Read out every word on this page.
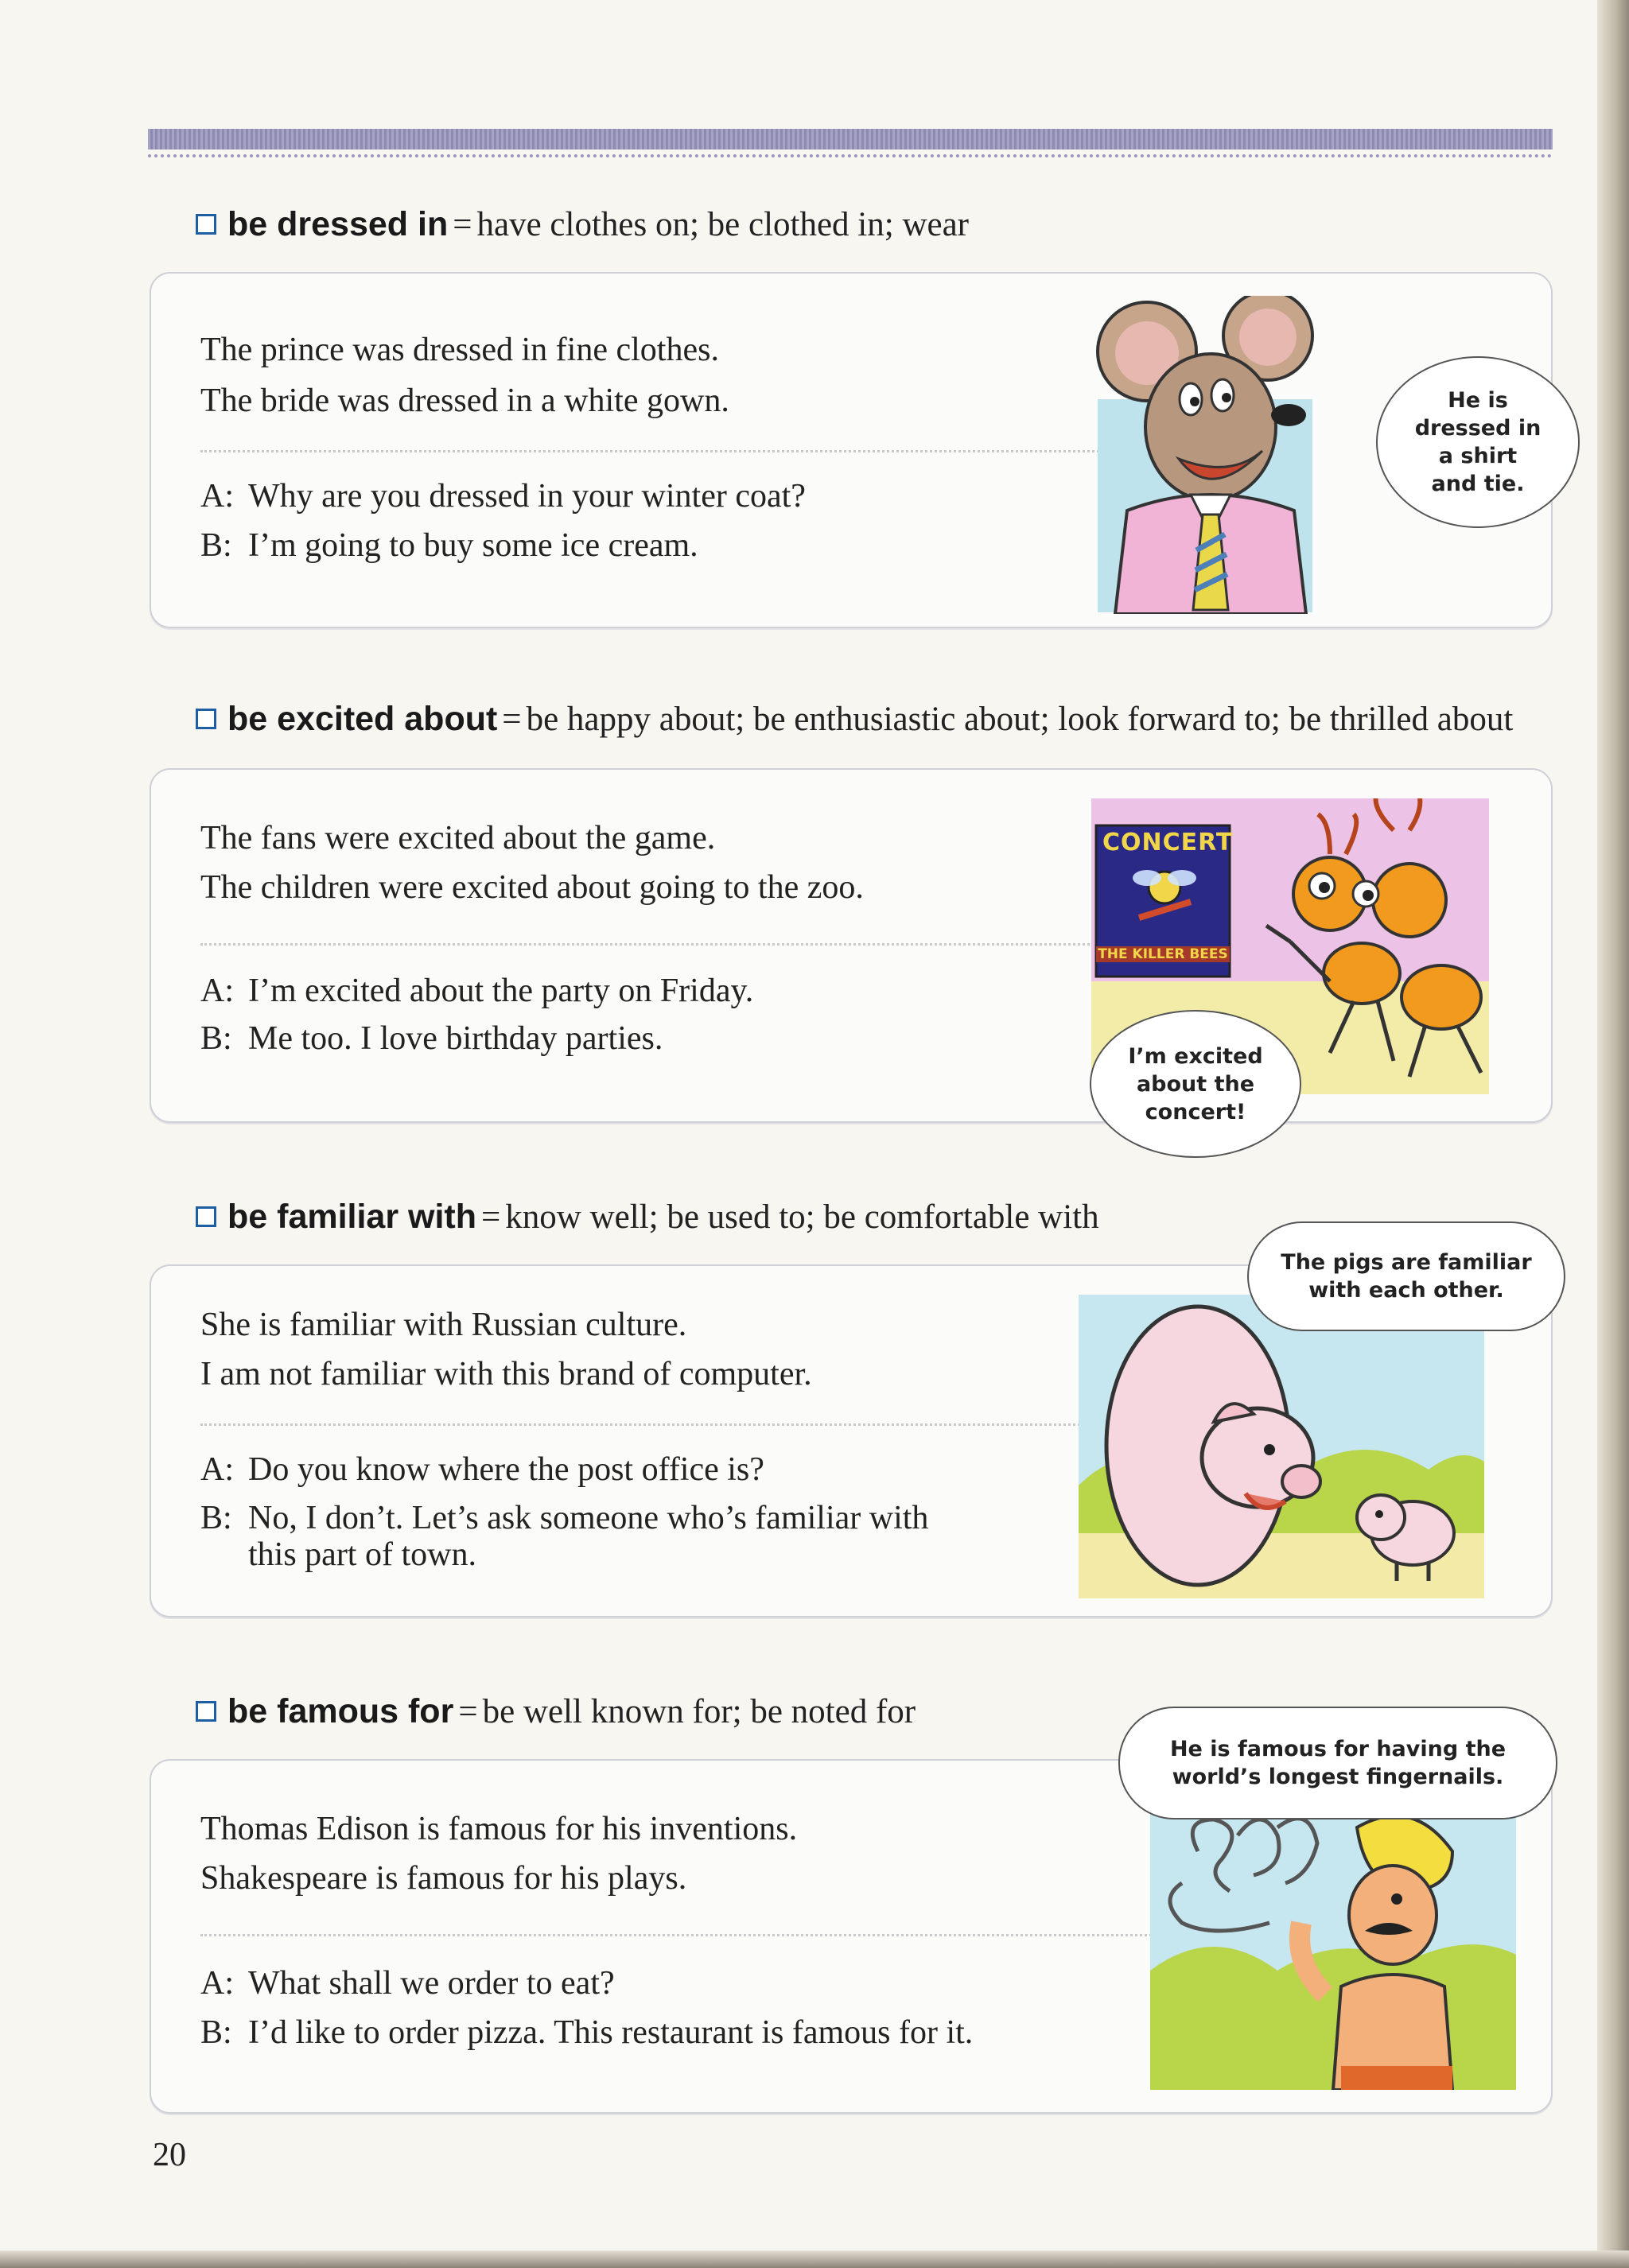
be dressed in = have clothes on; be clothed in; wear
The prince was dressed in fine clothes.
The bride was dressed in a white gown.
A: Why are you dressed in your winter coat?
B: I’m going to buy some ice cream.
He is
dressed in
a shirt
and tie.
be excited about = be happy about; be enthusiastic about; look forward to; be thrilled about
The fans were excited about the game.
The children were excited about going to the zoo.
A: I’m excited about the party on Friday.
B: Me too. I love birthday parties.
CONCERT
THE KILLER BEES
I’m excited
about the
concert!
be familiar with = know well; be used to; be comfortable with
She is familiar with Russian culture.
I am not familiar with this brand of computer.
A: Do you know where the post office is?
B: No, I don’t. Let’s ask someone who’s familiar with
this part of town.
The pigs are familiar
with each other.
be famous for = be well known for; be noted for
Thomas Edison is famous for his inventions.
Shakespeare is famous for his plays.
A: What shall we order to eat?
B: I’d like to order pizza. This restaurant is famous for it.
He is famous for having the
world’s longest fingernails.
20
